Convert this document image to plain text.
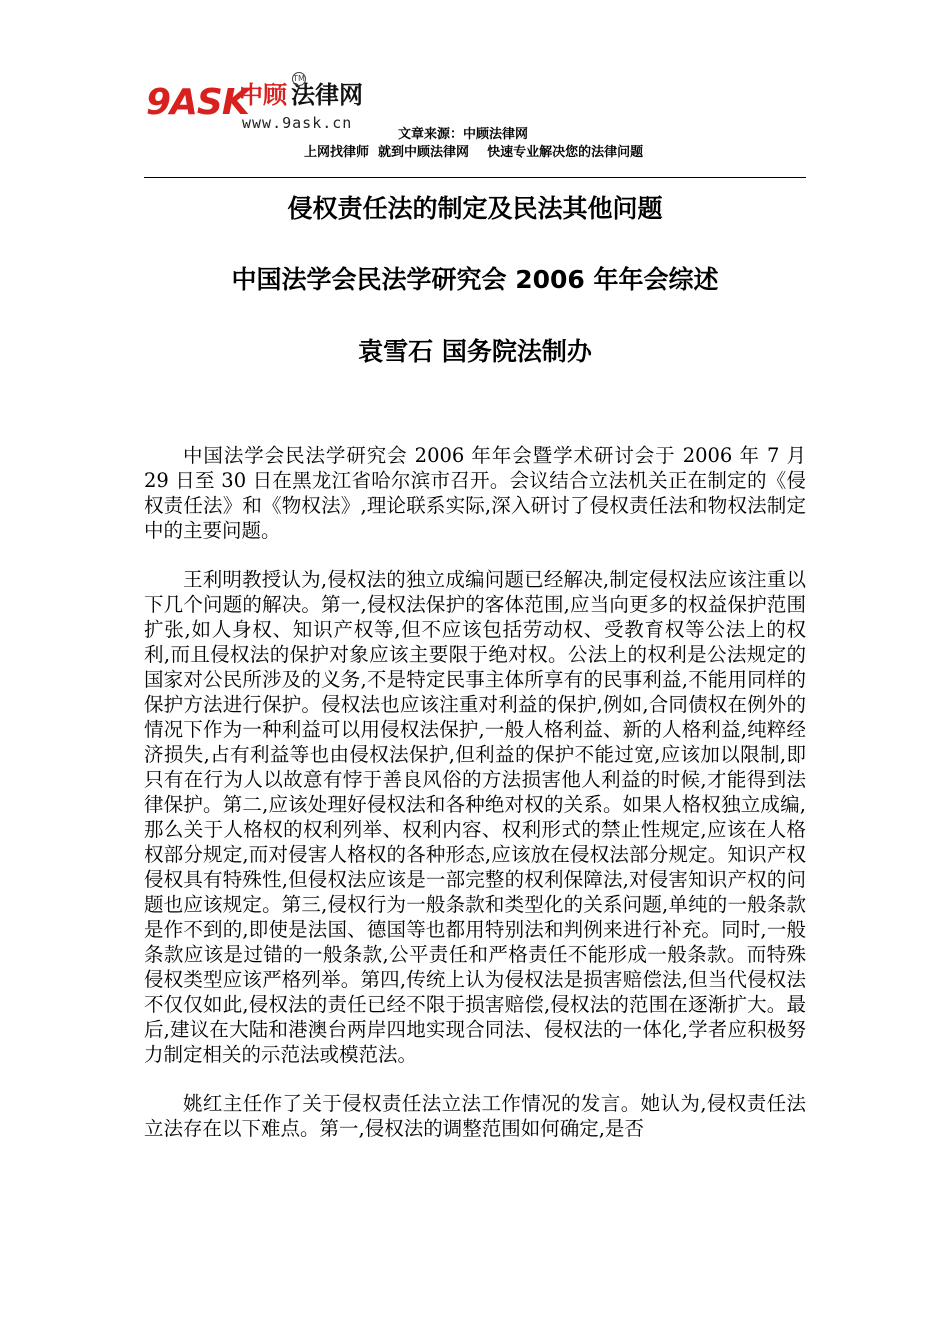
9ASK
中顾 法律网
TM
www.9ask.cn
文章来源：中顾法律网
上网找律师  就到中顾法律网    快速专业解决您的法律问题
侵权责任法的制定及民法其他问题
中国法学会民法学研究会 2006 年年会综述
袁雪石 国务院法制办

中国法学会民法学研究会 2006 年年会暨学术研讨会于 2006 年 7 月 29 日至 30 日在黑龙江省哈尔滨市召开。会议结合立法机关正在制定的《侵权责任法》和《物权法》,理论联系实际,深入研讨了侵权责任法和物权法制定中的主要问题。

王利明教授认为,侵权法的独立成编问题已经解决,制定侵权法应该注重以下几个问题的解决。第一,侵权法保护的客体范围,应当向更多的权益保护范围扩张,如人身权、知识产权等,但不应该包括劳动权、受教育权等公法上的权利,而且侵权法的保护对象应该主要限于绝对权。公法上的权利是公法规定的国家对公民所涉及的义务,不是特定民事主体所享有的民事利益,不能用同样的保护方法进行保护。侵权法也应该注重对利益的保护,例如,合同债权在例外的情况下作为一种利益可以用侵权法保护,一般人格利益、新的人格利益,纯粹经济损失,占有利益等也由侵权法保护,但利益的保护不能过宽,应该加以限制,即只有在行为人以故意有悖于善良风俗的方法损害他人利益的时候,才能得到法律保护。第二,应该处理好侵权法和各种绝对权的关系。如果人格权独立成编,那么关于人格权的权利列举、权利内容、权利形式的禁止性规定,应该在人格权部分规定,而对侵害人格权的各种形态,应该放在侵权法部分规定。知识产权侵权具有特殊性,但侵权法应该是一部完整的权利保障法,对侵害知识产权的问题也应该规定。第三,侵权行为一般条款和类型化的关系问题,单纯的一般条款是作不到的,即使是法国、德国等也都用特别法和判例来进行补充。同时,一般条款应该是过错的一般条款,公平责任和严格责任不能形成一般条款。而特殊侵权类型应该严格列举。第四,传统上认为侵权法是损害赔偿法,但当代侵权法不仅仅如此,侵权法的责任已经不限于损害赔偿,侵权法的范围在逐渐扩大。最后,建议在大陆和港澳台两岸四地实现合同法、侵权法的一体化,学者应积极努力制定相关的示范法或模范法。

姚红主任作了关于侵权责任法立法工作情况的发言。她认为,侵权责任法立法存在以下难点。第一,侵权法的调整范围如何确定,是否
